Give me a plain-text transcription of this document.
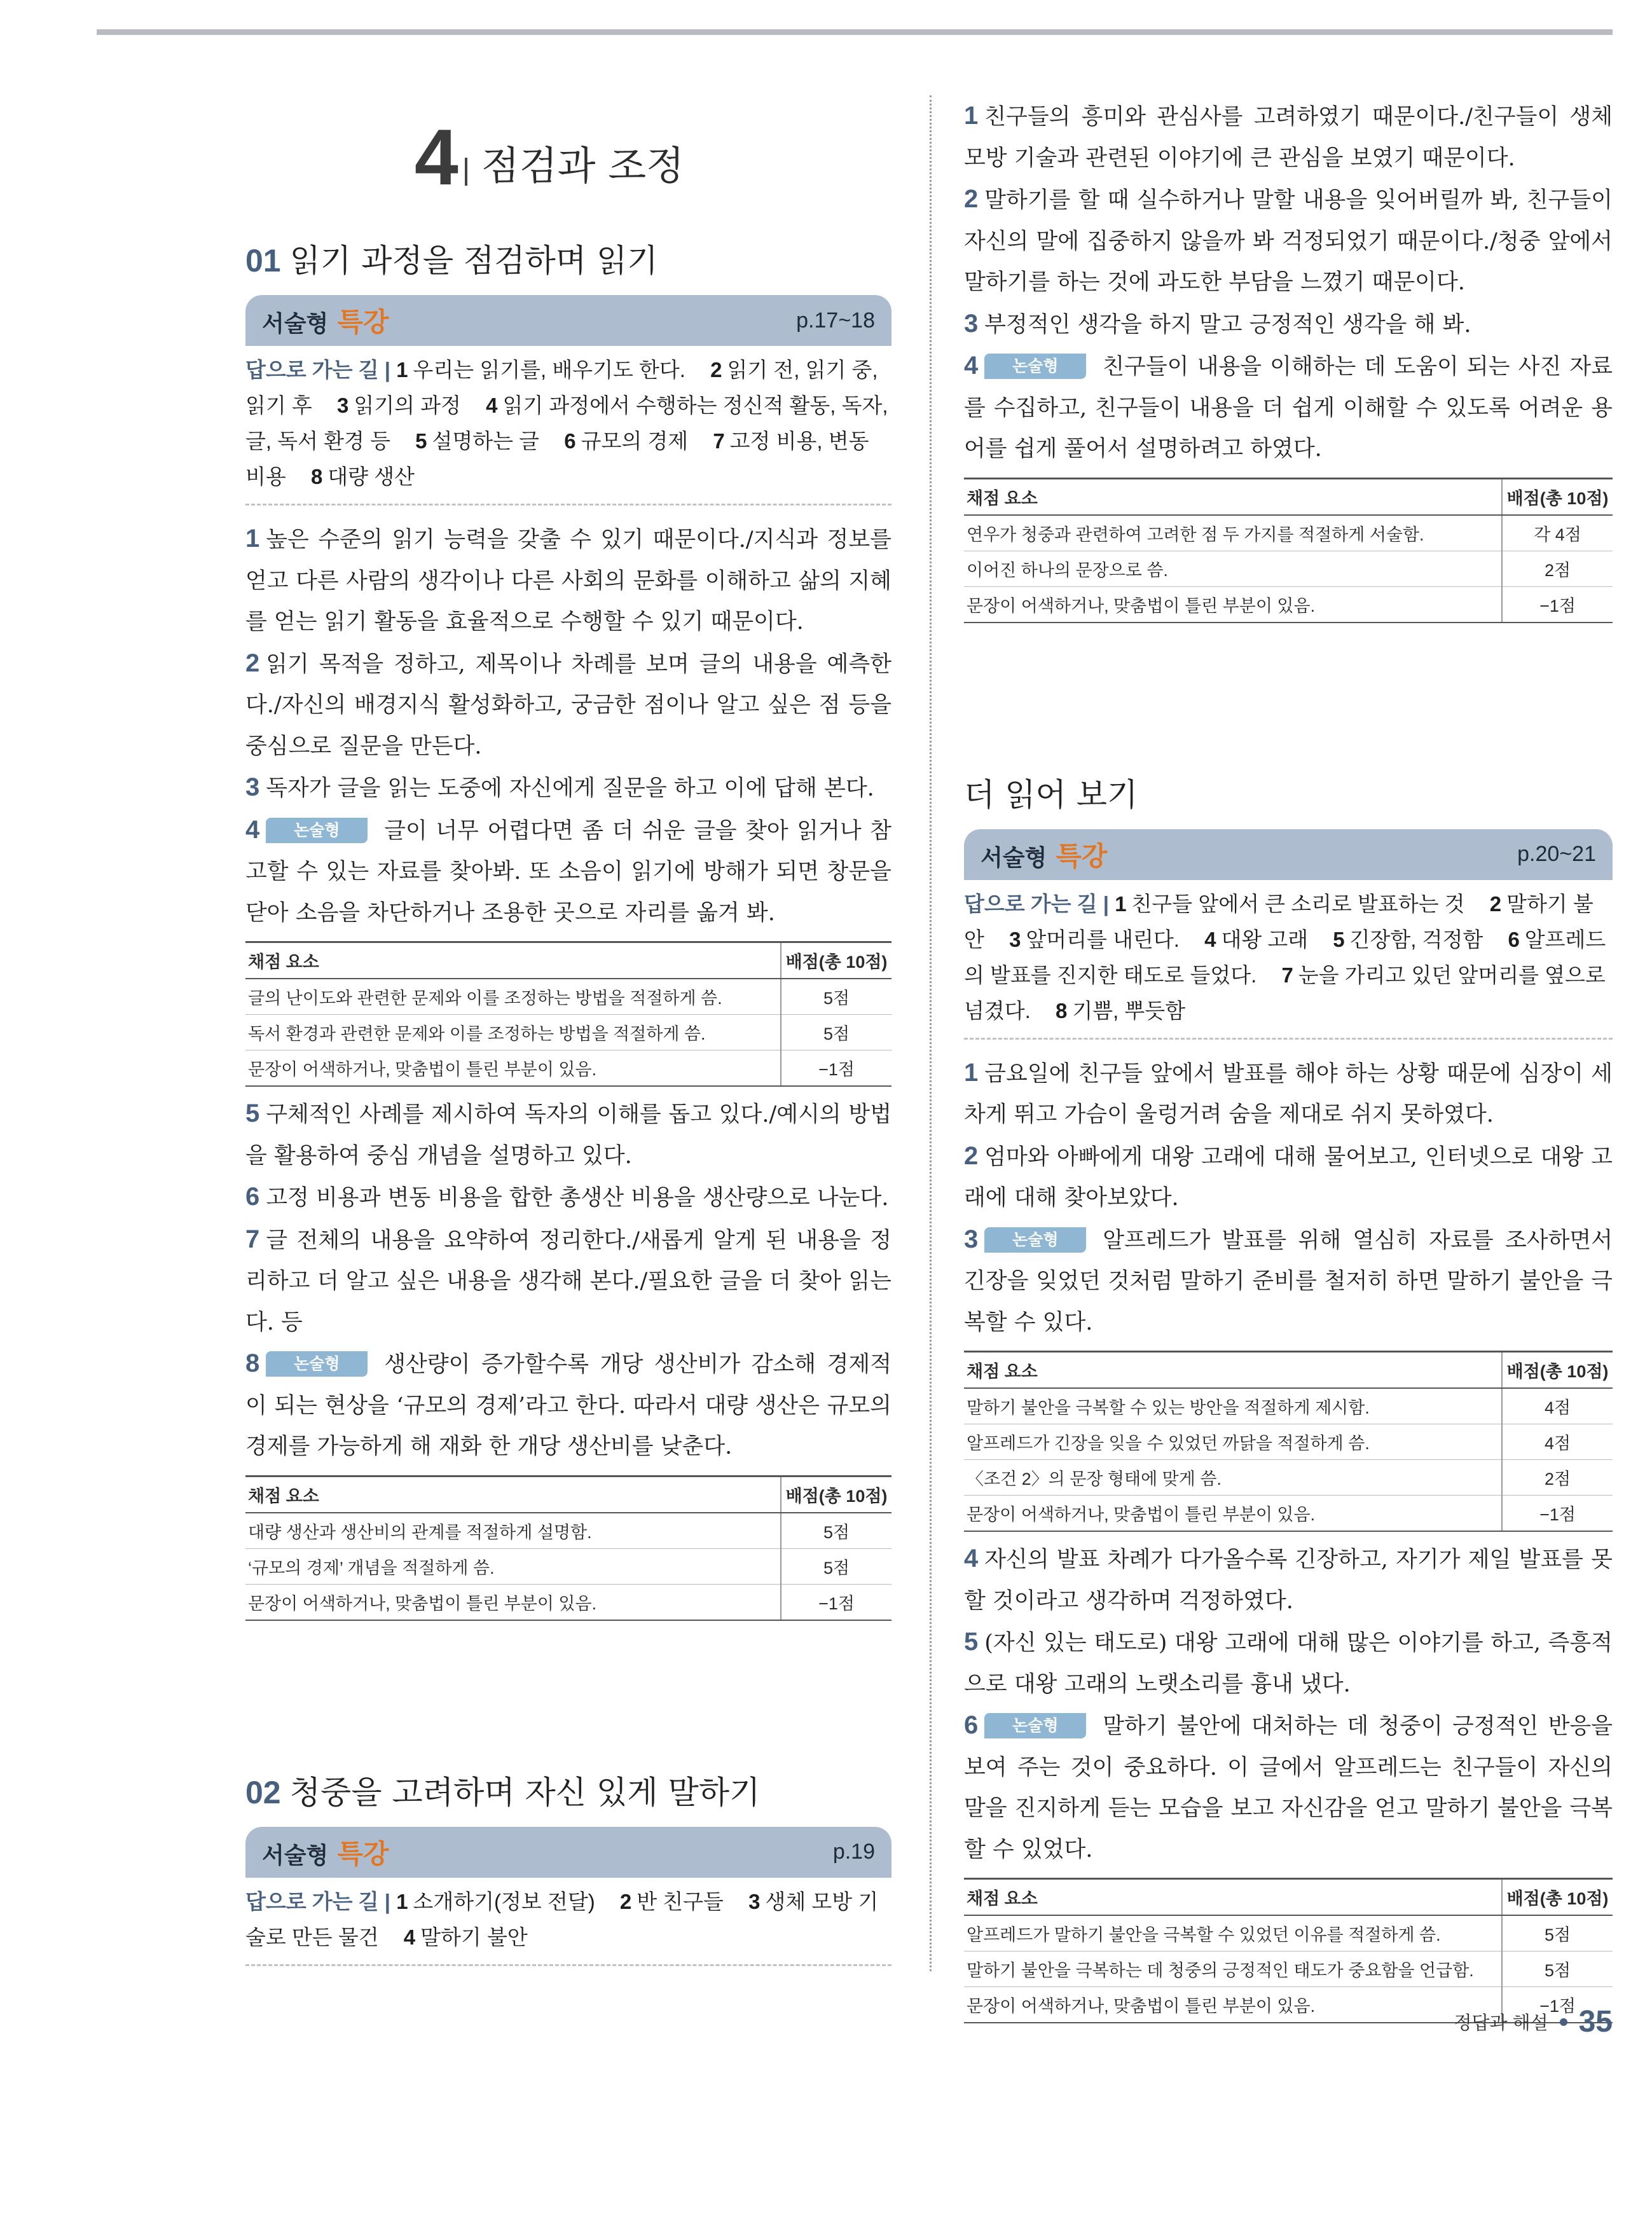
4 점검과 조정
01 읽기 과정을 점검하며 읽기
서술형 특강	p.17~18
답으로 가는 길 | 1 우리는 읽기를, 배우기도 한다. 2 읽기 전, 읽기 중, 읽기 후 3 읽기의 과정 4 읽기 과정에서 수행하는 정신적 활동, 독자, 글, 독서 환경 등 5 설명하는 글 6 규모의 경제 7 고정 비용, 변동 비용 8 대량 생산

1 높은 수준의 읽기 능력을 갖출 수 있기 때문이다./지식과 정보를 얻고 다른 사람의 생각이나 다른 사회의 문화를 이해하고 삶의 지혜를 얻는 읽기 활동을 효율적으로 수행할 수 있기 때문이다.

2 읽기 목적을 정하고, 제목이나 차례를 보며 글의 내용을 예측한다./자신의 배경지식 활성화하고, 궁금한 점이나 알고 싶은 점 등을 중심으로 질문을 만든다.

3 독자가 글을 읽는 도중에 자신에게 질문을 하고 이에 답해 본다.

4 논술형 글이 너무 어렵다면 좀 더 쉬운 글을 찾아 읽거나 참고할 수 있는 자료를 찾아봐. 또 소음이 읽기에 방해가 되면 창문을 닫아 소음을 차단하거나 조용한 곳으로 자리를 옮겨 봐.

채점 요소	배점(총 10점)
글의 난이도와 관련한 문제와 이를 조정하는 방법을 적절하게 씀.	5점
독서 환경과 관련한 문제와 이를 조정하는 방법을 적절하게 씀.	5점
문장이 어색하거나, 맞춤법이 틀린 부분이 있음.	−1점

5 구체적인 사례를 제시하여 독자의 이해를 돕고 있다./예시의 방법을 활용하여 중심 개념을 설명하고 있다.

6 고정 비용과 변동 비용을 합한 총생산 비용을 생산량으로 나눈다.

7 글 전체의 내용을 요약하여 정리한다./새롭게 알게 된 내용을 정리하고 더 알고 싶은 내용을 생각해 본다./필요한 글을 더 찾아 읽는다. 등

8 논술형 생산량이 증가할수록 개당 생산비가 감소해 경제적이 되는 현상을 ‘규모의 경제’라고 한다. 따라서 대량 생산은 규모의 경제를 가능하게 해 재화 한 개당 생산비를 낮춘다.

채점 요소	배점(총 10점)
대량 생산과 생산비의 관계를 적절하게 설명함.	5점
‘규모의 경제’ 개념을 적절하게 씀.	5점
문장이 어색하거나, 맞춤법이 틀린 부분이 있음.	−1점
02 청중을 고려하며 자신 있게 말하기
서술형 특강	p.19
답으로 가는 길 | 1 소개하기(정보 전달) 2 반 친구들 3 생체 모방 기술로 만든 물건 4 말하기 불안

1 친구들의 흥미와 관심사를 고려하였기 때문이다./친구들이 생체 모방 기술과 관련된 이야기에 큰 관심을 보였기 때문이다.

2 말하기를 할 때 실수하거나 말할 내용을 잊어버릴까 봐, 친구들이 자신의 말에 집중하지 않을까 봐 걱정되었기 때문이다./청중 앞에서 말하기를 하는 것에 과도한 부담을 느꼈기 때문이다.

3 부정적인 생각을 하지 말고 긍정적인 생각을 해 봐.

4 논술형 친구들이 내용을 이해하는 데 도움이 되는 사진 자료를 수집하고, 친구들이 내용을 더 쉽게 이해할 수 있도록 어려운 용어를 쉽게 풀어서 설명하려고 하였다.

채점 요소	배점(총 10점)
연우가 청중과 관련하여 고려한 점 두 가지를 적절하게 서술함.	각 4점
이어진 하나의 문장으로 씀.	2점
문장이 어색하거나, 맞춤법이 틀린 부분이 있음.	−1점
더 읽어 보기
서술형 특강	p.20~21
답으로 가는 길 | 1 친구들 앞에서 큰 소리로 발표하는 것 2 말하기 불안 3 앞머리를 내린다. 4 대왕 고래 5 긴장함, 걱정함 6 알프레드의 발표를 진지한 태도로 들었다. 7 눈을 가리고 있던 앞머리를 옆으로 넘겼다. 8 기쁨, 뿌듯함

1 금요일에 친구들 앞에서 발표를 해야 하는 상황 때문에 심장이 세차게 뛰고 가슴이 울렁거려 숨을 제대로 쉬지 못하였다.

2 엄마와 아빠에게 대왕 고래에 대해 물어보고, 인터넷으로 대왕 고래에 대해 찾아보았다.

3 논술형 알프레드가 발표를 위해 열심히 자료를 조사하면서 긴장을 잊었던 것처럼 말하기 준비를 철저히 하면 말하기 불안을 극복할 수 있다.

채점 요소	배점(총 10점)
말하기 불안을 극복할 수 있는 방안을 적절하게 제시함.	4점
알프레드가 긴장을 잊을 수 있었던 까닭을 적절하게 씀.	4점
〈조건 2〉의 문장 형태에 맞게 씀.	2점
문장이 어색하거나, 맞춤법이 틀린 부분이 있음.	−1점

4 자신의 발표 차례가 다가올수록 긴장하고, 자기가 제일 발표를 못할 것이라고 생각하며 걱정하였다.

5 (자신 있는 태도로) 대왕 고래에 대해 많은 이야기를 하고, 즉흥적으로 대왕 고래의 노랫소리를 흉내 냈다.

6 논술형 말하기 불안에 대처하는 데 청중이 긍정적인 반응을 보여 주는 것이 중요하다. 이 글에서 알프레드는 친구들이 자신의 말을 진지하게 듣는 모습을 보고 자신감을 얻고 말하기 불안을 극복할 수 있었다.

채점 요소	배점(총 10점)
알프레드가 말하기 불안을 극복할 수 있었던 이유를 적절하게 씀.	5점
말하기 불안을 극복하는 데 청중의 긍정적인 태도가 중요함을 언급함.	5점
문장이 어색하거나, 맞춤법이 틀린 부분이 있음.	−1점
정답과 해설 35
